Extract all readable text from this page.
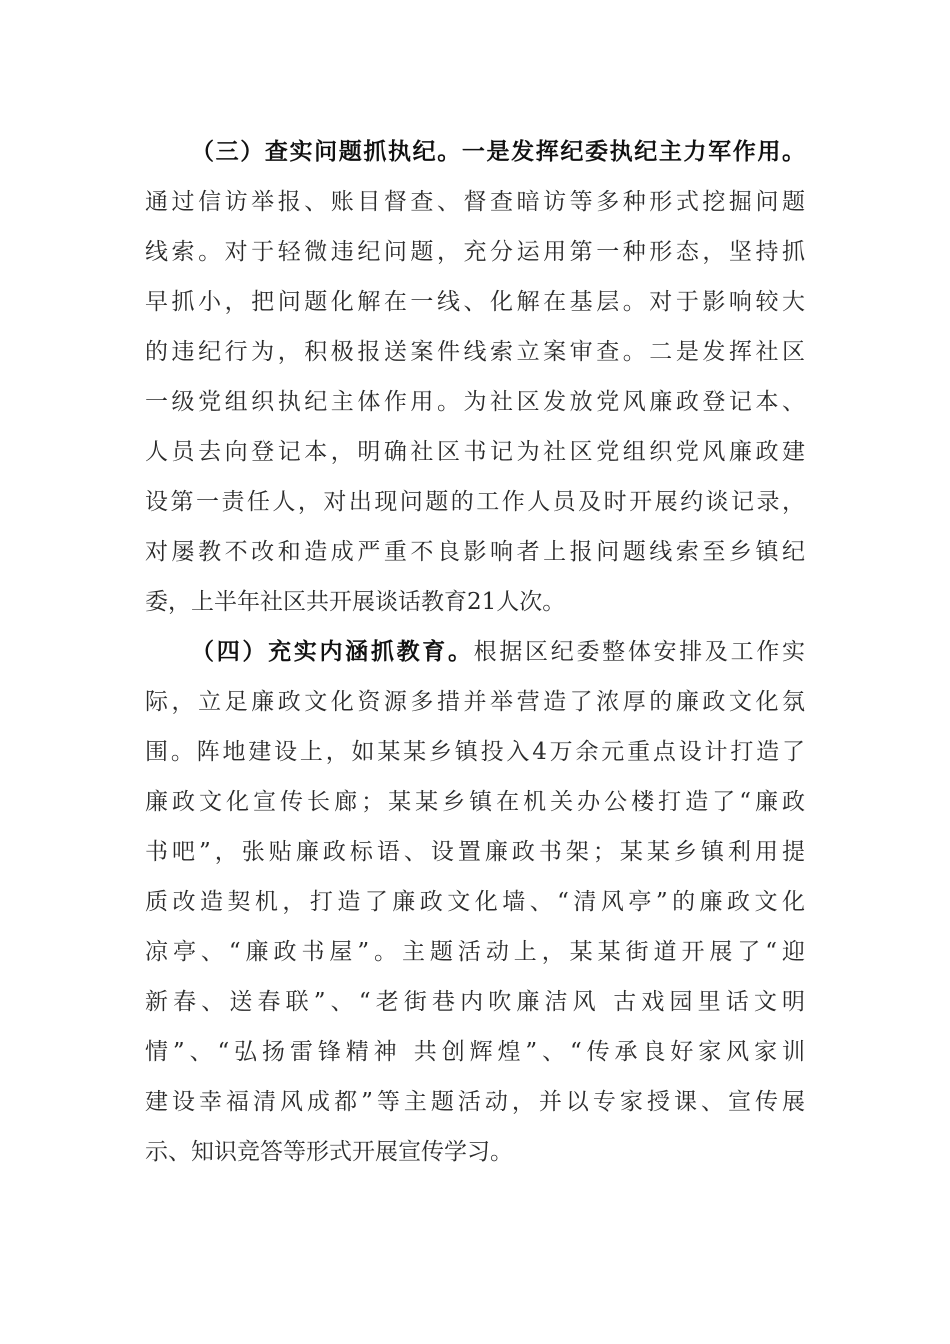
（三）查实问题抓执纪。一是发挥纪委执纪主力军作用。
通过信访举报、账目督查、督查暗访等多种形式挖掘问题
线索。对于轻微违纪问题，充分运用第一种形态，坚持抓
早抓小，把问题化解在一线、化解在基层。对于影响较大
的违纪行为，积极报送案件线索立案审查。二是发挥社区
一级党组织执纪主体作用。为社区发放党风廉政登记本、
人员去向登记本，明确社区书记为社区党组织党风廉政建
设第一责任人，对出现问题的工作人员及时开展约谈记录，
对屡教不改和造成严重不良影响者上报问题线索至乡镇纪
委，上半年社区共开展谈话教育21人次。
（四）充实内涵抓教育。根据区纪委整体安排及工作实
际，立足廉政文化资源多措并举营造了浓厚的廉政文化氛
围。阵地建设上，如某某乡镇投入4万余元重点设计打造了
廉政文化宣传长廊；某某乡镇在机关办公楼打造了“廉政
书吧”，张贴廉政标语、设置廉政书架；某某乡镇利用提
质改造契机，打造了廉政文化墙、“清风亭”的廉政文化
凉亭、“廉政书屋”。主题活动上，某某街道开展了“迎
新春、送春联”、“老街巷内吹廉洁风 古戏园里话文明
情”、“弘扬雷锋精神 共创辉煌”、“传承良好家风家训
建设幸福清风成都”等主题活动，并以专家授课、宣传展
示、知识竞答等形式开展宣传学习。
